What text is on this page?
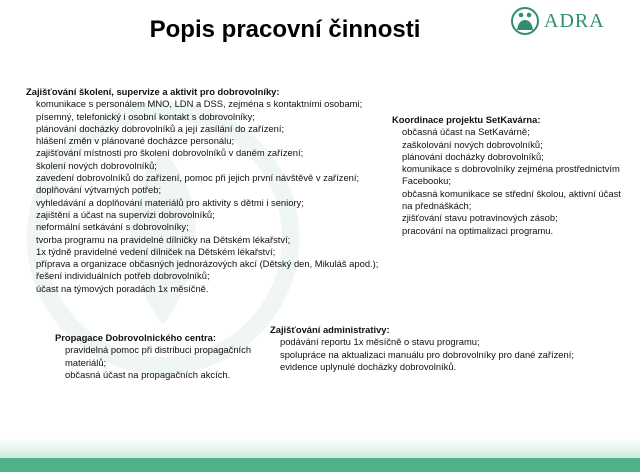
Popis pracovní činnosti	ADRA
Zajišťování školení, supervize a aktivit pro dobrovolníky:
komunikace s personálem MNO, LDN a DSS, zejména s kontaktními osobami;
písemný, telefonický i osobní kontakt s dobrovolníky;
plánování docházky dobrovolníků a její zasílání do zařízení;
hlášení změn v plánované docházce personálu;
zajišťování místnosti pro školení dobrovolníků v daném zařízení;
školení nových dobrovolníků;
zavedení dobrovolníků do zařízení, pomoc při jejich první návštěvě v zařízení;
doplňování výtvarných potřeb;
vyhledávání a doplňování materiálů pro aktivity s dětmi i seniory;
zajištění a účast na supervizi dobrovolníků;
neformální setkávání s dobrovolníky;
tvorba programu na pravidelné dílničky na Dětském lékařství;
1x týdně pravidelné vedení dílniček na Dětském lékařství;
příprava a organizace občasných jednorázových akcí (Dětský den, Mikuláš apod.);
řešení individuálních potřeb dobrovolníků;
účast na týmových poradách 1x měsíčně.
Koordinace projektu SetKavárna:
občasná účast na SetKavárně;
zaškolování nových dobrovolníků;
plánování docházky dobrovolníků;
komunikace s dobrovolníky zejména prostřednictvím Facebooku;
občasná komunikace se střední školou, aktivní účast na přednáškách;
zjišťování stavu potravinových zásob;
pracování na optimalizaci programu.
Propagace Dobrovolnického centra:
pravidelná pomoc při distribuci propagačních materiálů;
občasná účast na propagačních akcích.
Zajišťování administrativy:
podávání reportu 1x měsíčně o stavu programu;
spolupráce na aktualizaci manuálu pro dobrovolníky pro dané zařízení;
evidence uplynulé docházky dobrovolníků.
